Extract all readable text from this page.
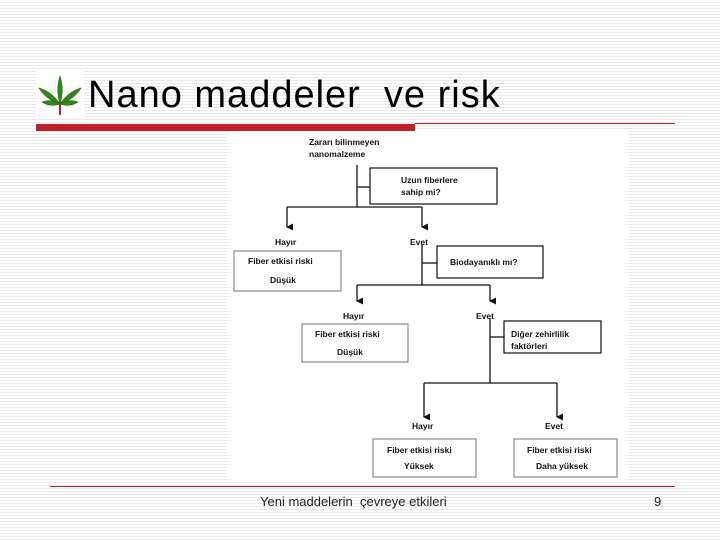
Nano maddeler  ve risk
Zararı bilinmeyen
nanomalzeme
Uzun fiberlere
sahip mi?
Hayır	Evet
Fiber etkisi riski
Düşük
Biodayanıklı mı?
Hayır	Evet
Fiber etkisi riski
Düşük
Diğer zehirlilik
faktörleri
Hayır	Evet
Fiber etkisi riski
Yüksek
Fiber etkisi riski
Daha yüksek
Yeni maddelerin  çevreye etkileri	9
